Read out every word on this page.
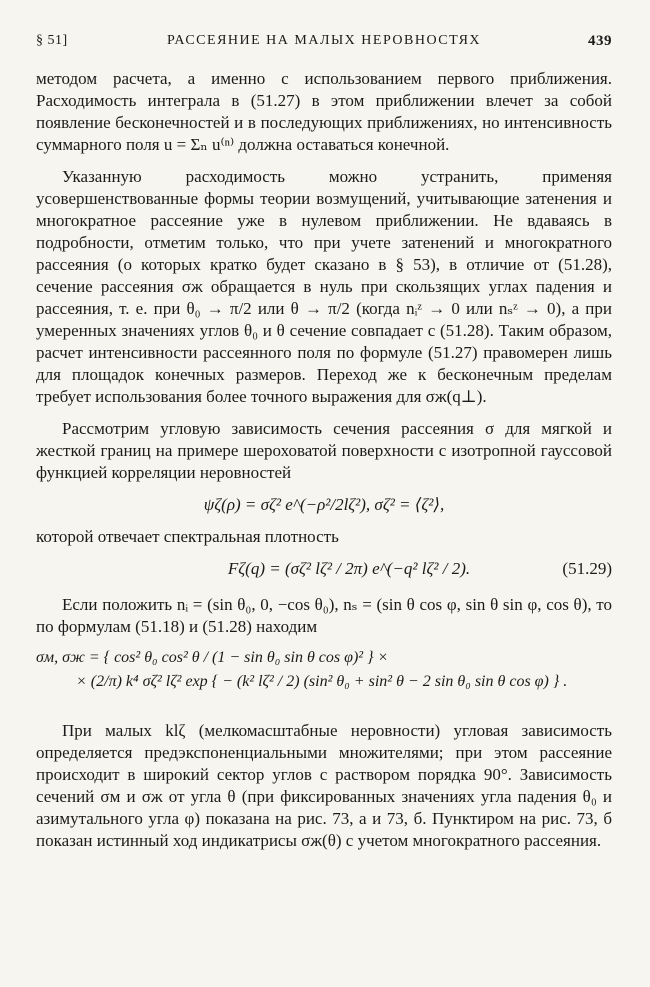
§ 51]	РАССЕЯНИЕ НА МАЛЫХ НЕРОВНОСТЯХ	439

методом расчета, а именно с использованием первого приближения. Расходимость интеграла в (51.27) в этом приближении влечет за собой появление бесконечностей и в последующих приближениях, но интенсивность суммарного поля u = Σₙ u⁽ⁿ⁾ должна оставаться конечной.

Указанную расходимость можно устранить, применяя усовершенствованные формы теории возмущений, учитывающие затенения и многократное рассеяние уже в нулевом приближении. Не вдаваясь в подробности, отметим только, что при учете затенений и многократного рассеяния (о которых кратко будет сказано в § 53), в отличие от (51.28), сечение рассеяния σж обращается в нуль при скользящих углах падения и рассеяния, т. е. при θ₀ → π/2 или θ → π/2 (когда nᵢᶻ → 0 или nₛᶻ → 0), а при умеренных значениях углов θ₀ и θ сечение совпадает с (51.28). Таким образом, расчет интенсивности рассеянного поля по формуле (51.27) правомерен лишь для площадок конечных размеров. Переход же к бесконечным пределам требует использования более точного выражения для σж(q⊥).

Рассмотрим угловую зависимость сечения рассеяния σ для мягкой и жесткой границ на примере шероховатой поверхности с изотропной гауссовой функцией корреляции неровностей

ψζ(ρ) = σζ² e^(−ρ²/2lζ²), σζ² = ⟨ζ²⟩,

которой отвечает спектральная плотность

Fζ(q) = (σζ² lζ² / 2π) e^(−q² lζ² / 2).	(51.29)

Если положить nᵢ = (sin θ₀, 0, −cos θ₀), nₛ = (sin θ cos φ, sin θ sin φ, cos θ), то по формулам (51.18) и (51.28) находим

σм, σж = { cos² θ₀ cos² θ / (1 − sin θ₀ sin θ cos φ)² } ×
× (2/π) k⁴ σζ² lζ² exp { − (k² lζ² / 2) (sin² θ₀ + sin² θ − 2 sin θ₀ sin θ cos φ) } .

При малых klζ (мелкомасштабные неровности) угловая зависимость определяется предэкспоненциальными множителями; при этом рассеяние происходит в широкий сектор углов с раствором порядка 90°. Зависимость сечений σм и σж от угла θ (при фиксированных значениях угла падения θ₀ и азимутального угла φ) показана на рис. 73, а и 73, б. Пунктиром на рис. 73, б показан истинный ход индикатрисы σж(θ) с учетом многократного рассеяния.
